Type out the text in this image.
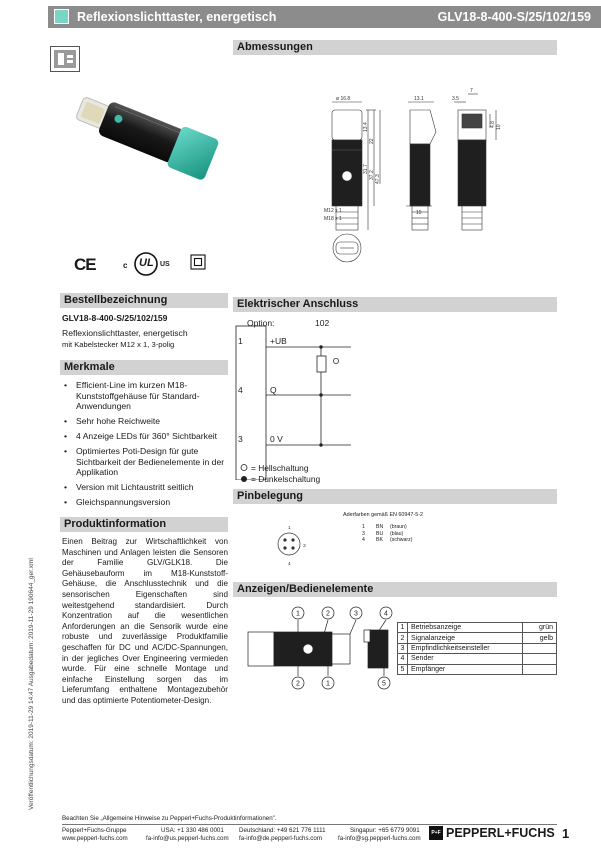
Reflexionslichttaster, energetisch	GLV18-8-400-S/25/102/159
Veröffentlichungsdatum: 2019-11-29 14:47 Ausgabedatum: 2019-11-29 190644_ger.xml
CE	c UL US
Abmessungen
Bestellbezeichnung
Merkmale
Produktinformation
Elektrischer Anschluss
Pinbelegung
Anzeigen/Bedienelemente
GLV18-8-400-S/25/102/159
Reflexionslichttaster, energetisch
mit Kabelstecker M12 x 1, 3-polig
• Efficient-Line im kurzen M18-Kunststoffgehäuse für Standard-Anwendungen
• Sehr hohe Reichweite
• 4 Anzeige LEDs für 360° Sichtbarkeit
• Optimiertes Poti-Design für gute Sichtbarkeit der Bedienelemente in der Applikation
• Version mit Lichtaustritt seitlich
• Gleichspannungsversion
Einen Beitrag zur Wirtschaftlichkeit von Maschinen und Anlagen leisten die Sensoren der Familie GLV/GLK18. Die Gehäusebauform im M18-Kunststoff-Gehäuse, die Anschlusstechnik und die sensorischen Eigenschaften sind weitestgehend standardisiert. Durch Konzentration auf die wesentlichen Anforderungen an die Sensorik wurde eine robuste und zuverlässige Produktfamilie geschaffen für DC und AC/DC-Spannungen, in der jegliches Over Engineering vermieden wurde. Für eine schnelle Montage und einfache Einstellung sorgen das im Lieferumfang enthaltene Montagezubehör und das optimierte Potentiometer-Design.
ø 16.8	13.1	3.5
7
13.4
22
31.7
37.2 47.3
4.8 10
15
M12 x 1
M18 x 1
Option:	102
1	+UB
4	Q
3	0 V
= Hellschaltung
= Dunkelschaltung
1
3
4
Aderfarben gemäß EN 60947-5-2
1 BN (braun)
3 BU (blau)
4 BK (schwarz)
1	2	3	4
2	1	5
1	Betriebsanzeige	grün
2	Signalanzeige	gelb
3	Empfindlichkeitseinsteller	
4	Sender	
5	Empfänger	
Beachten Sie „Allgemeine Hinweise zu Pepperl+Fuchs-Produktinformationen".
Pepperl+Fuchs-Gruppe
www.pepperl-fuchs.com
USA: +1 330 486 0001
fa-info@us.pepperl-fuchs.com
Deutschland: +49 621 776 1111
fa-info@de.pepperl-fuchs.com
Singapur: +65 6779 9091
fa-info@sg.pepperl-fuchs.com
P+F PEPPERL+FUCHS 1
